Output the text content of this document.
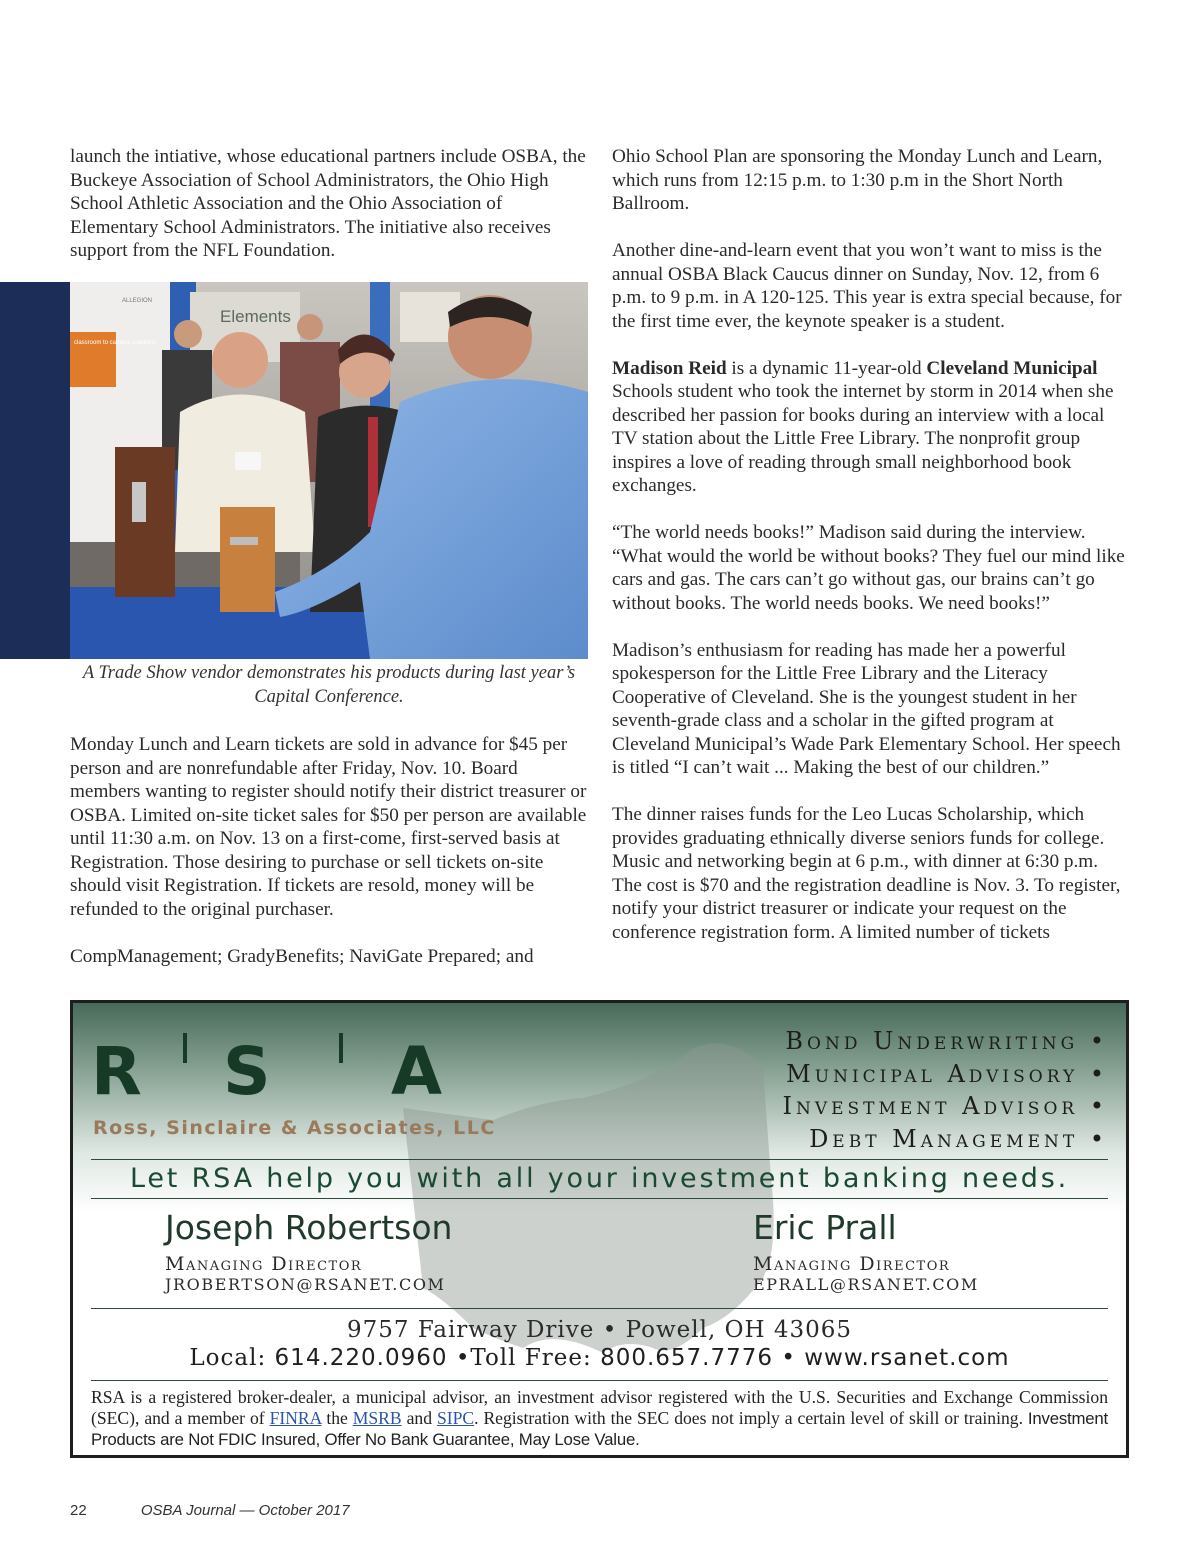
launch the intiative, whose educational partners include OSBA, the Buckeye Association of School Administrators, the Ohio High School Athletic Association and the Ohio Association of Elementary School Administrators. The initiative also receives support from the NFL Foundation.

classroom to campus solutions
ALLEGION
Elements
A Trade Show vendor demonstrates his products during last year’s Capital Conference.

Monday Lunch and Learn tickets are sold in advance for $45 per person and are nonrefundable after Friday, Nov. 10. Board members wanting to register should notify their district treasurer or OSBA. Limited on-site ticket sales for $50 per person are available until 11:30 a.m. on Nov. 13 on a first-come, first-served basis at Registration. Those desiring to purchase or sell tickets on-site should visit Registration. If tickets are resold, money will be refunded to the original purchaser.

CompManagement; GradyBenefits; NaviGate Prepared; and

Ohio School Plan are sponsoring the Monday Lunch and Learn, which runs from 12:15 p.m. to 1:30 p.m in the Short North Ballroom.

Another dine-and-learn event that you won’t want to miss is the annual OSBA Black Caucus dinner on Sunday, Nov. 12, from 6 p.m. to 9 p.m. in A 120-125. This year is extra special because, for the first time ever, the keynote speaker is a student.

Madison Reid is a dynamic 11-year-old Cleveland Municipal Schools student who took the internet by storm in 2014 when she described her passion for books during an interview with a local TV station about the Little Free Library. The nonprofit group inspires a love of reading through small neighborhood book exchanges.

“The world needs books!” Madison said during the interview. “What would the world be without books? They fuel our mind like cars and gas. The cars can’t go without gas, our brains can’t go without books. The world needs books. We need books!”

Madison’s enthusiasm for reading has made her a powerful spokesperson for the Little Free Library and the Literacy Cooperative of Cleveland. She is the youngest student in her seventh-grade class and a scholar in the gifted program at Cleveland Municipal’s Wade Park Elementary School. Her speech is titled “I can’t wait ... Making the best of our children.”

The dinner raises funds for the Leo Lucas Scholarship, which provides graduating ethnically diverse seniors funds for college. Music and networking begin at 6 p.m., with dinner at 6:30 p.m. The cost is $70 and the registration deadline is Nov. 3. To register, notify your district treasurer or indicate your request on the conference registration form. A limited number of tickets

R S A
Ross, Sinclaire & Associates, LLC
Bond Underwriting •
Municipal Advisory •
Investment Advisor •
Debt Management •
Let RSA help you with all your investment banking needs.
Joseph Robertson
Managing Director
JROBERTSON@RSANET.COM
Eric Prall
Managing Director
EPRALL@RSANET.COM
9757 Fairway Drive • Powell, OH 43065
Local: 614.220.0960 •Toll Free: 800.657.7776 • www.rsanet.com
RSA is a registered broker-dealer, a municipal advisor, an investment advisor registered with the U.S. Securities and Exchange Commission (SEC), and a member of FINRA the MSRB and SIPC. Registration with the SEC does not imply a certain level of skill or training. Investment Products are Not FDIC Insured, Offer No Bank Guarantee, May Lose Value.
22	OSBA Journal — October 2017
